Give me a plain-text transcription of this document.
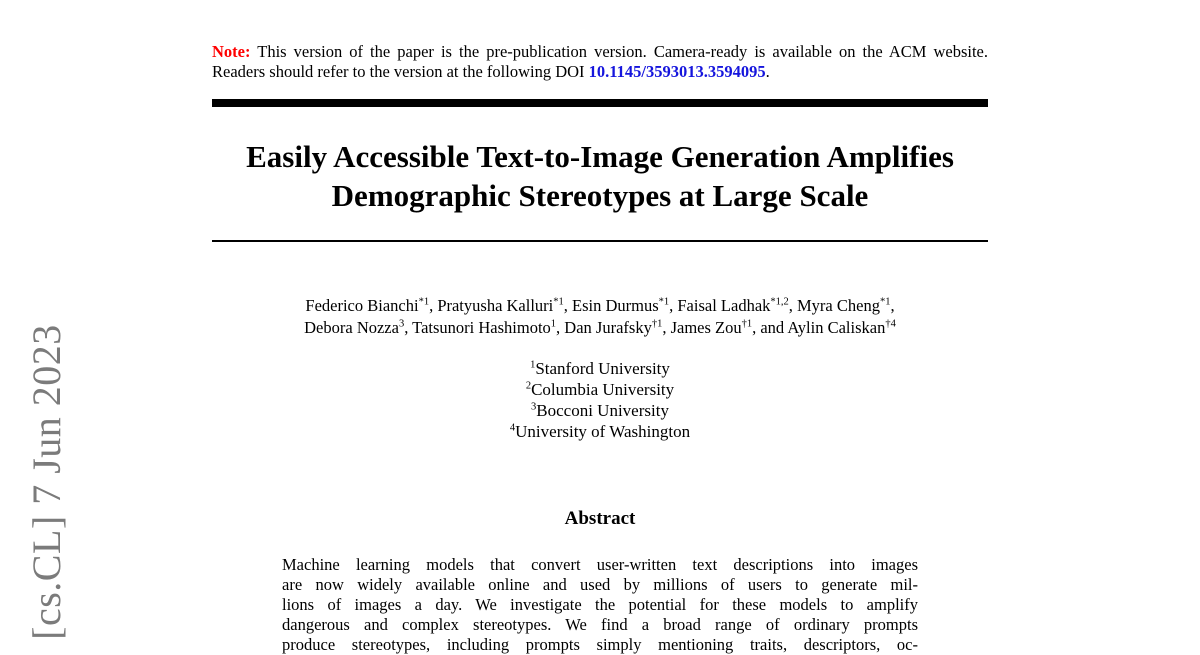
[cs.CL] 7 Jun 2023
Note: This version of the paper is the pre-publication version. Camera-ready is available on the ACM website. Readers should refer to the version at the following DOI 10.1145/3593013.3594095.
Easily Accessible Text-to-Image Generation Amplifies
Demographic Stereotypes at Large Scale
Federico Bianchi$^{*1}$, Pratyusha Kalluri$^{*1}$, Esin Durmus$^{*1}$, Faisal Ladhak$^{*1,2}$, Myra Cheng$^{*1}$,
Debora Nozza$^3$, Tatsunori Hashimoto$^1$, Dan Jurafsky$^{\dagger 1}$, James Zou$^{\dagger 1}$, and Aylin Caliskan$^{\dagger 4}$
$^1$Stanford University
$^2$Columbia University
$^3$Bocconi University
$^4$University of Washington
Abstract
Machine learning models that convert user-written text descriptions into images
are now widely available online and used by millions of users to generate mil-
lions of images a day. We investigate the potential for these models to amplify
dangerous and complex stereotypes. We find a broad range of ordinary prompts
produce stereotypes, including prompts simply mentioning traits, descriptors, oc-
